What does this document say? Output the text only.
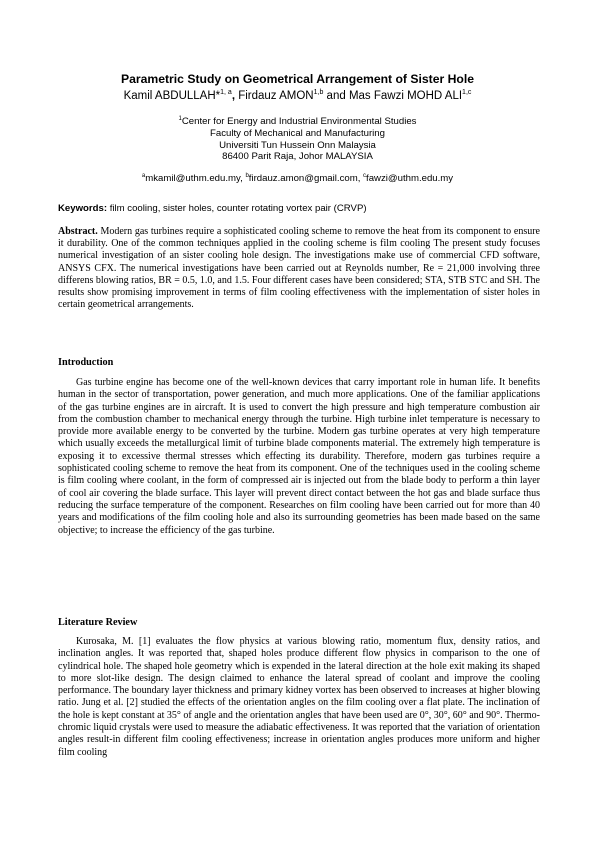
Parametric Study on Geometrical Arrangement of Sister Hole
Kamil ABDULLAH*$^{1, a}$, Firdauz AMON$^{1,b}$ and Mas Fawzi MOHD ALI$^{1,c}$
$^1$Center for Energy and Industrial Environmental Studies
Faculty of Mechanical and Manufacturing
Universiti Tun Hussein Onn Malaysia
86400 Parit Raja, Johor MALAYSIA
$^a$mkamil@uthm.edu.my, $^b$firdauz.amon@gmail.com, $^c$fawzi@uthm.edu.my
Keywords: film cooling, sister holes, counter rotating vortex pair (CRVP)
Abstract. Modern gas turbines require a sophisticated cooling scheme to remove the heat from its component to ensure it durability. One of the common techniques applied in the cooling scheme is film cooling The present study focuses numerical investigation of an sister cooling hole design. The investigations make use of commercial CFD software, ANSYS CFX. The numerical investigations have been carried out at Reynolds number, Re = 21,000 involving three differens blowing ratios, BR = 0.5, 1.0, and 1.5. Four different cases have been considered; STA, STB STC and SH. The results show promising improvement in terms of film cooling effectiveness with the implementation of sister holes in certain geometrical arrangements.
Introduction

Gas turbine engine has become one of the well-known devices that carry important role in human life. It benefits human in the sector of transportation, power generation, and much more applications. One of the familiar applications of the gas turbine engines are in aircraft. It is used to convert the high pressure and high temperature combustion air from the combustion chamber to mechanical energy through the turbine. High turbine inlet temperature is necessary to provide more available energy to be converted by the turbine. Modern gas turbine operates at very high temperature which usually exceeds the metallurgical limit of turbine blade components material. The extremely high temperature is exposing it to excessive thermal stresses which effecting its durability. Therefore, modern gas turbines require a sophisticated cooling scheme to remove the heat from its component. One of the techniques used in the cooling scheme is film cooling where coolant, in the form of compressed air is injected out from the blade body to perform a thin layer of cool air covering the blade surface. This layer will prevent direct contact between the hot gas and blade surface thus reducing the surface temperature of the component. Researches on film cooling have been carried out for more than 40 years and modifications of the film cooling hole and also its surrounding geometries has been made based on the same objective; to increase the efficiency of the gas turbine.

Literature Review

Kurosaka, M. [1] evaluates the flow physics at various blowing ratio, momentum flux, density ratios, and inclination angles. It was reported that, shaped holes produce different flow physics in comparison to the one of cylindrical hole. The shaped hole geometry which is expended in the lateral direction at the hole exit making its shaped to more slot-like design. The design claimed to enhance the lateral spread of coolant and improve the cooling performance. The boundary layer thickness and primary kidney vortex has been observed to increases at higher blowing ratio. Jung et al. [2] studied the effects of the orientation angles on the film cooling over a flat plate. The inclination of the hole is kept constant at 35° of angle and the orientation angles that have been used are 0°, 30°, 60° and 90°. Thermo-chromic liquid crystals were used to measure the adiabatic effectiveness. It was reported that the variation of orientation angles result-in different film cooling effectiveness; increase in orientation angles produces more uniform and higher film cooling
